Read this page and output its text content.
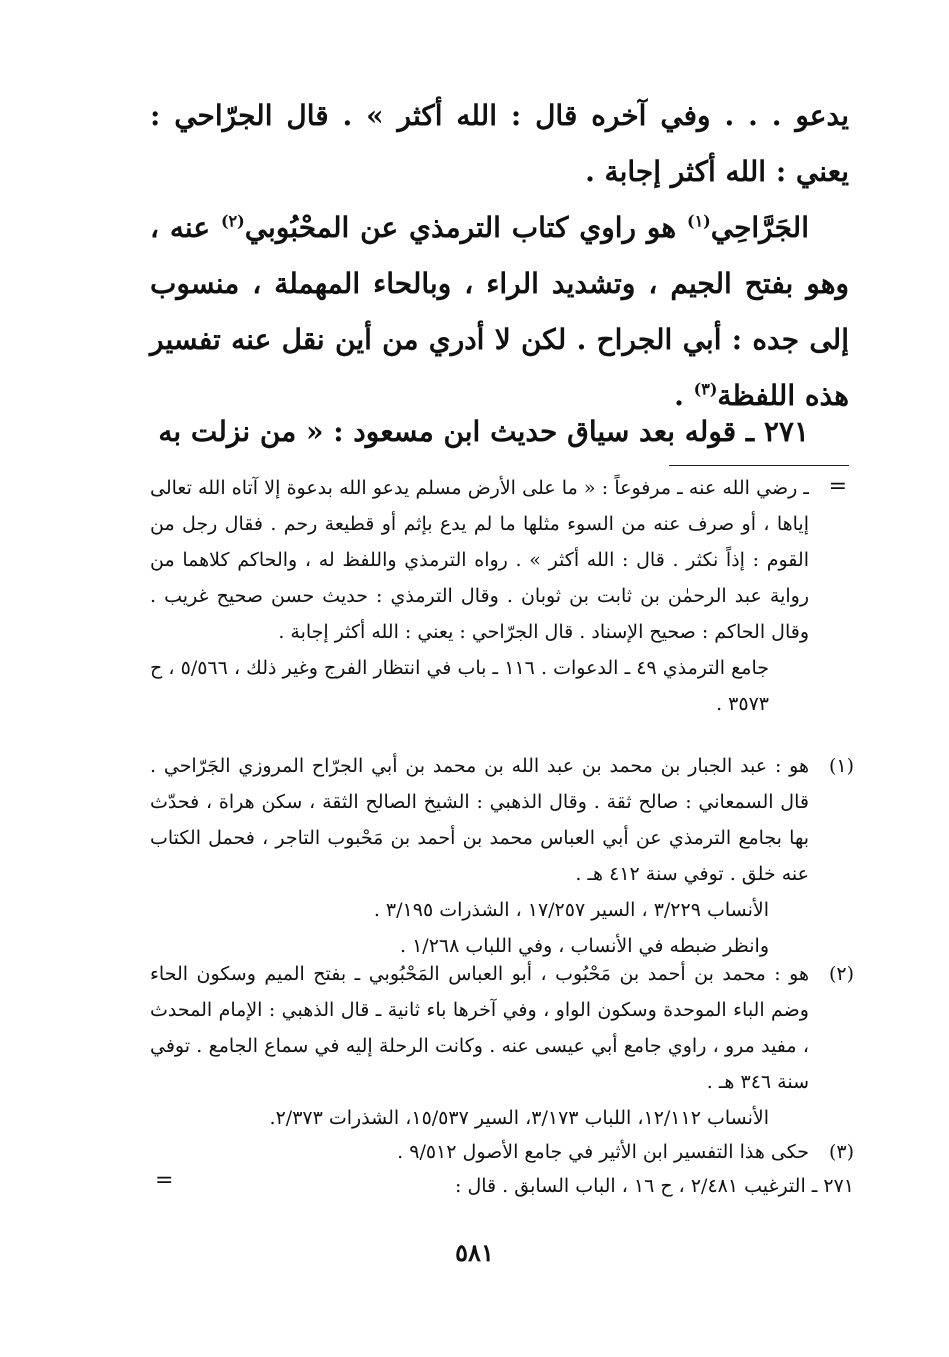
يدعو . . . وفي آخره قال : الله أكثر » . قال الجرّاحي : يعني : الله أكثر إجابة .
الجَرَّاحِي$^{(١)}$ هو راوي كتاب الترمذي عن المحْبُوبي$^{(٢)}$ عنه ، وهو بفتح الجيم ، وتشديد الراء ، وبالحاء المهملة ، منسوب إلى جده : أبي الجراح . لكن لا أدري من أين نقل عنه تفسير هذه اللفظة$^{(٣)}$ .
٢٧١ ـ قوله بعد سياق حديث ابن مسعود : « من نزلت به
=
ـ رضي الله عنه ـ مرفوعاً : « ما على الأرض مسلم يدعو الله بدعوة إلا آتاه الله تعالى إياها ، أو صرف عنه من السوء مثلها ما لم يدع بإثم أو قطيعة رحم . فقال رجل من القوم : إذاً نكثر . قال : الله أكثر » . رواه الترمذي واللفظ له ، والحاكم كلاهما من رواية عبد الرحمٰن بن ثابت بن ثوبان . وقال الترمذي : حديث حسن صحيح غريب . وقال الحاكم : صحيح الإسناد . قال الجرّاحي : يعني : الله أكثر إجابة .
جامع الترمذي ٤٩ ـ الدعوات . ١١٦ ـ باب في انتظار الفرج وغير ذلك ، ٥/٥٦٦ ، ح ٣٥٧٣ .
(١)
هو : عبد الجبار بن محمد بن عبد الله بن محمد بن أبي الجرّاح المروزي الجَرّاحي . قال السمعاني : صالح ثقة . وقال الذهبي : الشيخ الصالح الثقة ، سكن هراة ، فحدّث بها بجامع الترمذي عن أبي العباس محمد بن أحمد بن مَحْبوب التاجر ، فحمل الكتاب عنه خلق . توفي سنة ٤١٢ هـ .
الأنساب ٣/٢٢٩ ، السير ١٧/٢٥٧ ، الشذرات ٣/١٩٥ .
وانظر ضبطه في الأنساب ، وفي اللباب ١/٢٦٨ .
(٢)
هو : محمد بن أحمد بن مَحْبُوب ، أبو العباس المَحْبُوبي ـ بفتح الميم وسكون الحاء وضم الباء الموحدة وسكون الواو ، وفي آخرها باء ثانية ـ قال الذهبي : الإمام المحدث ، مفيد مرو ، راوي جامع أبي عيسى عنه . وكانت الرحلة إليه في سماع الجامع . توفي سنة ٣٤٦ هـ .
الأنساب ١٢/١١٢، اللباب ٣/١٧٣، السير ١٥/٥٣٧، الشذرات ٢/٣٧٣.
(٣)
حكى هذا التفسير ابن الأثير في جامع الأصول ٩/٥١٢ .
٢٧١ ـ الترغيب ٢/٤٨١ ، ح ١٦ ، الباب السابق . قال :
=
٥٨١
